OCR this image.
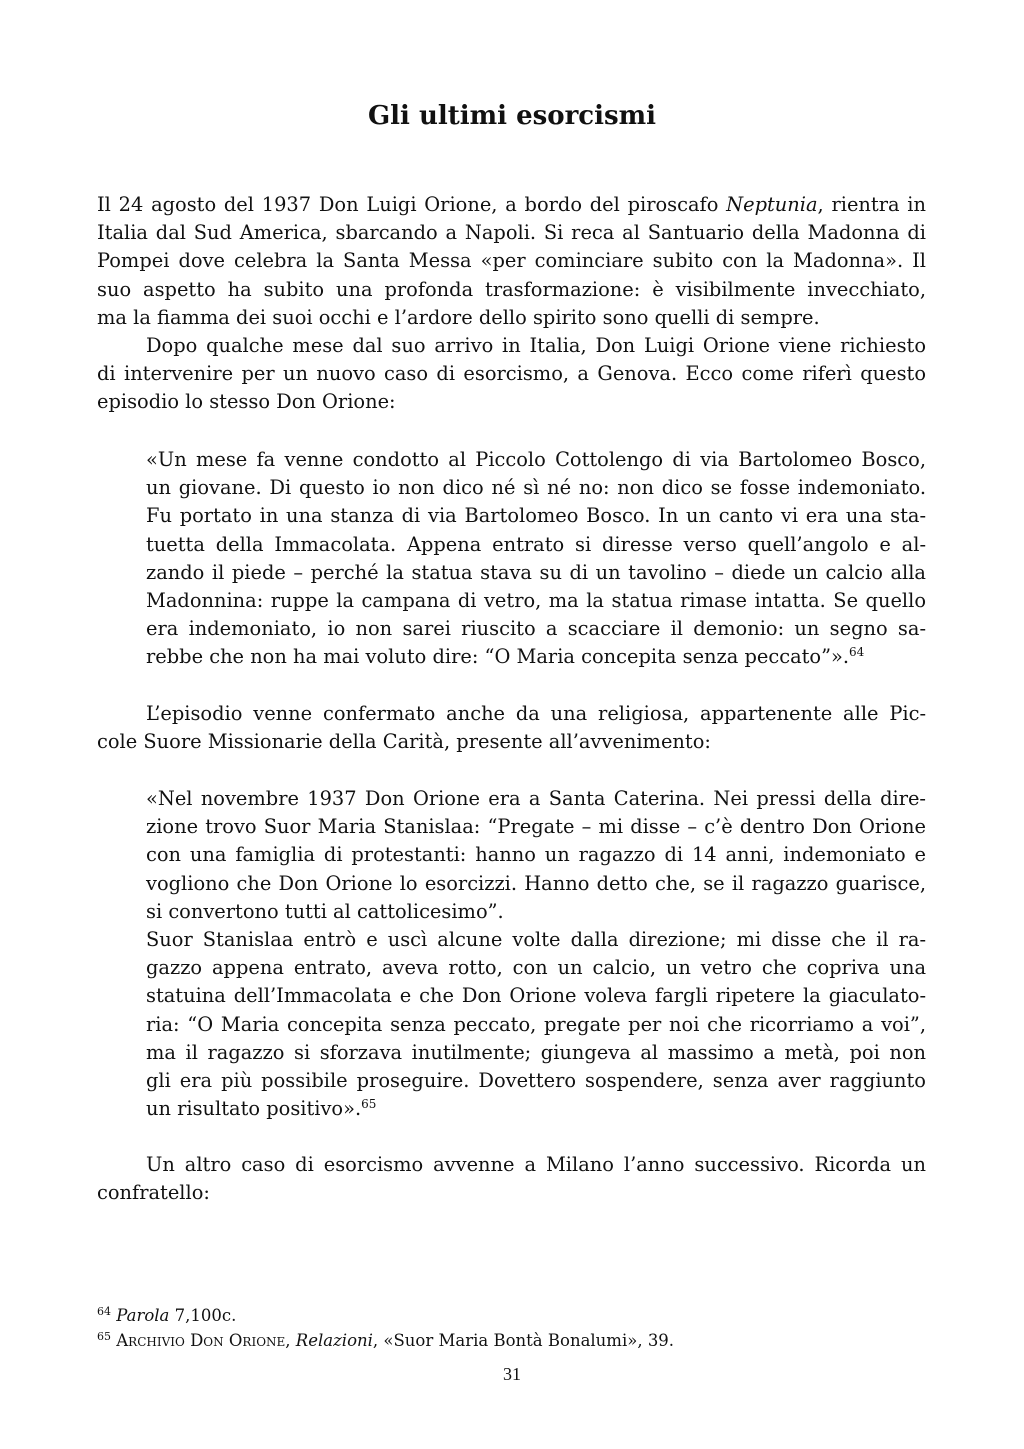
Gli ultimi esorcismi
Il 24 agosto del 1937 Don Luigi Orione, a bordo del piroscafo Neptunia, rientra in
Italia dal Sud America, sbarcando a Napoli. Si reca al Santuario della Madonna di
Pompei dove celebra la Santa Messa «per cominciare subito con la Madonna». Il
suo aspetto ha subito una profonda trasformazione: è visibilmente invecchiato,
ma la fiamma dei suoi occhi e l’ardore dello spirito sono quelli di sempre.
Dopo qualche mese dal suo arrivo in Italia, Don Luigi Orione viene richiesto
di intervenire per un nuovo caso di esorcismo, a Genova. Ecco come riferì questo
episodio lo stesso Don Orione:
«Un mese fa venne condotto al Piccolo Cottolengo di via Bartolomeo Bosco,
un giovane. Di questo io non dico né sì né no: non dico se fosse indemoniato.
Fu portato in una stanza di via Bartolomeo Bosco. In un canto vi era una sta-
tuetta della Immacolata. Appena entrato si diresse verso quell’angolo e al-
zando il piede – perché la statua stava su di un tavolino – diede un calcio alla
Madonnina: ruppe la campana di vetro, ma la statua rimase intatta. Se quello
era indemoniato, io non sarei riuscito a scacciare il demonio: un segno sa-
rebbe che non ha mai voluto dire: “O Maria concepita senza peccato”».$^{64}$
L’episodio venne confermato anche da una religiosa, appartenente alle Pic-
cole Suore Missionarie della Carità, presente all’avvenimento:
«Nel novembre 1937 Don Orione era a Santa Caterina. Nei pressi della dire-
zione trovo Suor Maria Stanislaa: “Pregate – mi disse – c’è dentro Don Orione
con una famiglia di protestanti: hanno un ragazzo di 14 anni, indemoniato e
vogliono che Don Orione lo esorcizzi. Hanno detto che, se il ragazzo guarisce,
si convertono tutti al cattolicesimo”.
Suor Stanislaa entrò e uscì alcune volte dalla direzione; mi disse che il ra-
gazzo appena entrato, aveva rotto, con un calcio, un vetro che copriva una
statuina dell’Immacolata e che Don Orione voleva fargli ripetere la giaculato-
ria: “O Maria concepita senza peccato, pregate per noi che ricorriamo a voi”,
ma il ragazzo si sforzava inutilmente; giungeva al massimo a metà, poi non
gli era più possibile proseguire. Dovettero sospendere, senza aver raggiunto
un risultato positivo».$^{65}$
Un altro caso di esorcismo avvenne a Milano l’anno successivo. Ricorda un
confratello:
$^{64}$ Parola 7,100c.
$^{65}$ Archivio Don Orione, Relazioni, «Suor Maria Bontà Bonalumi», 39.
31
